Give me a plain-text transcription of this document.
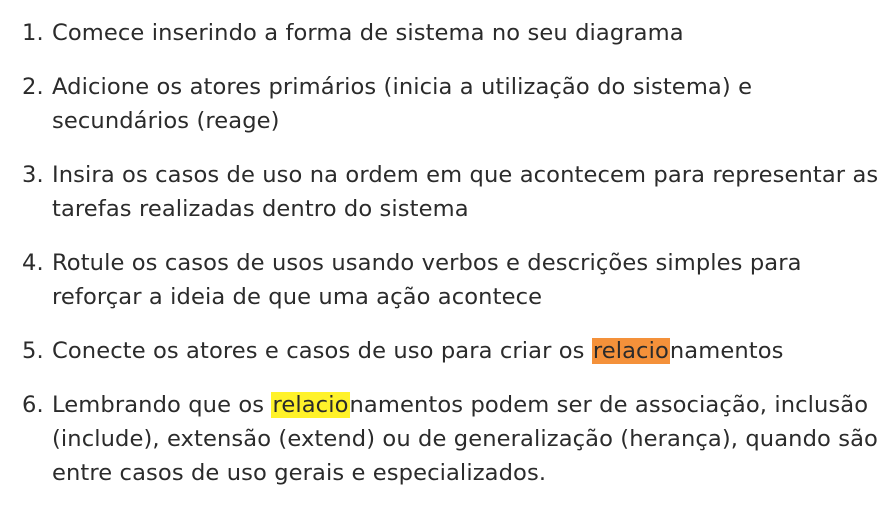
1. Comece inserindo a forma de sistema no seu diagrama
2. Adicione os atores primários (inicia a utilização do sistema) e secundários (reage)
3. Insira os casos de uso na ordem em que acontecem para representar as tarefas realizadas dentro do sistema
4. Rotule os casos de usos usando verbos e descrições simples para reforçar a ideia de que uma ação acontece
5. Conecte os atores e casos de uso para criar os relacionamentos
6. Lembrando que os relacionamentos podem ser de associação, inclusão (include), extensão (extend) ou de generalização (herança), quando são entre casos de uso gerais e especializados.
